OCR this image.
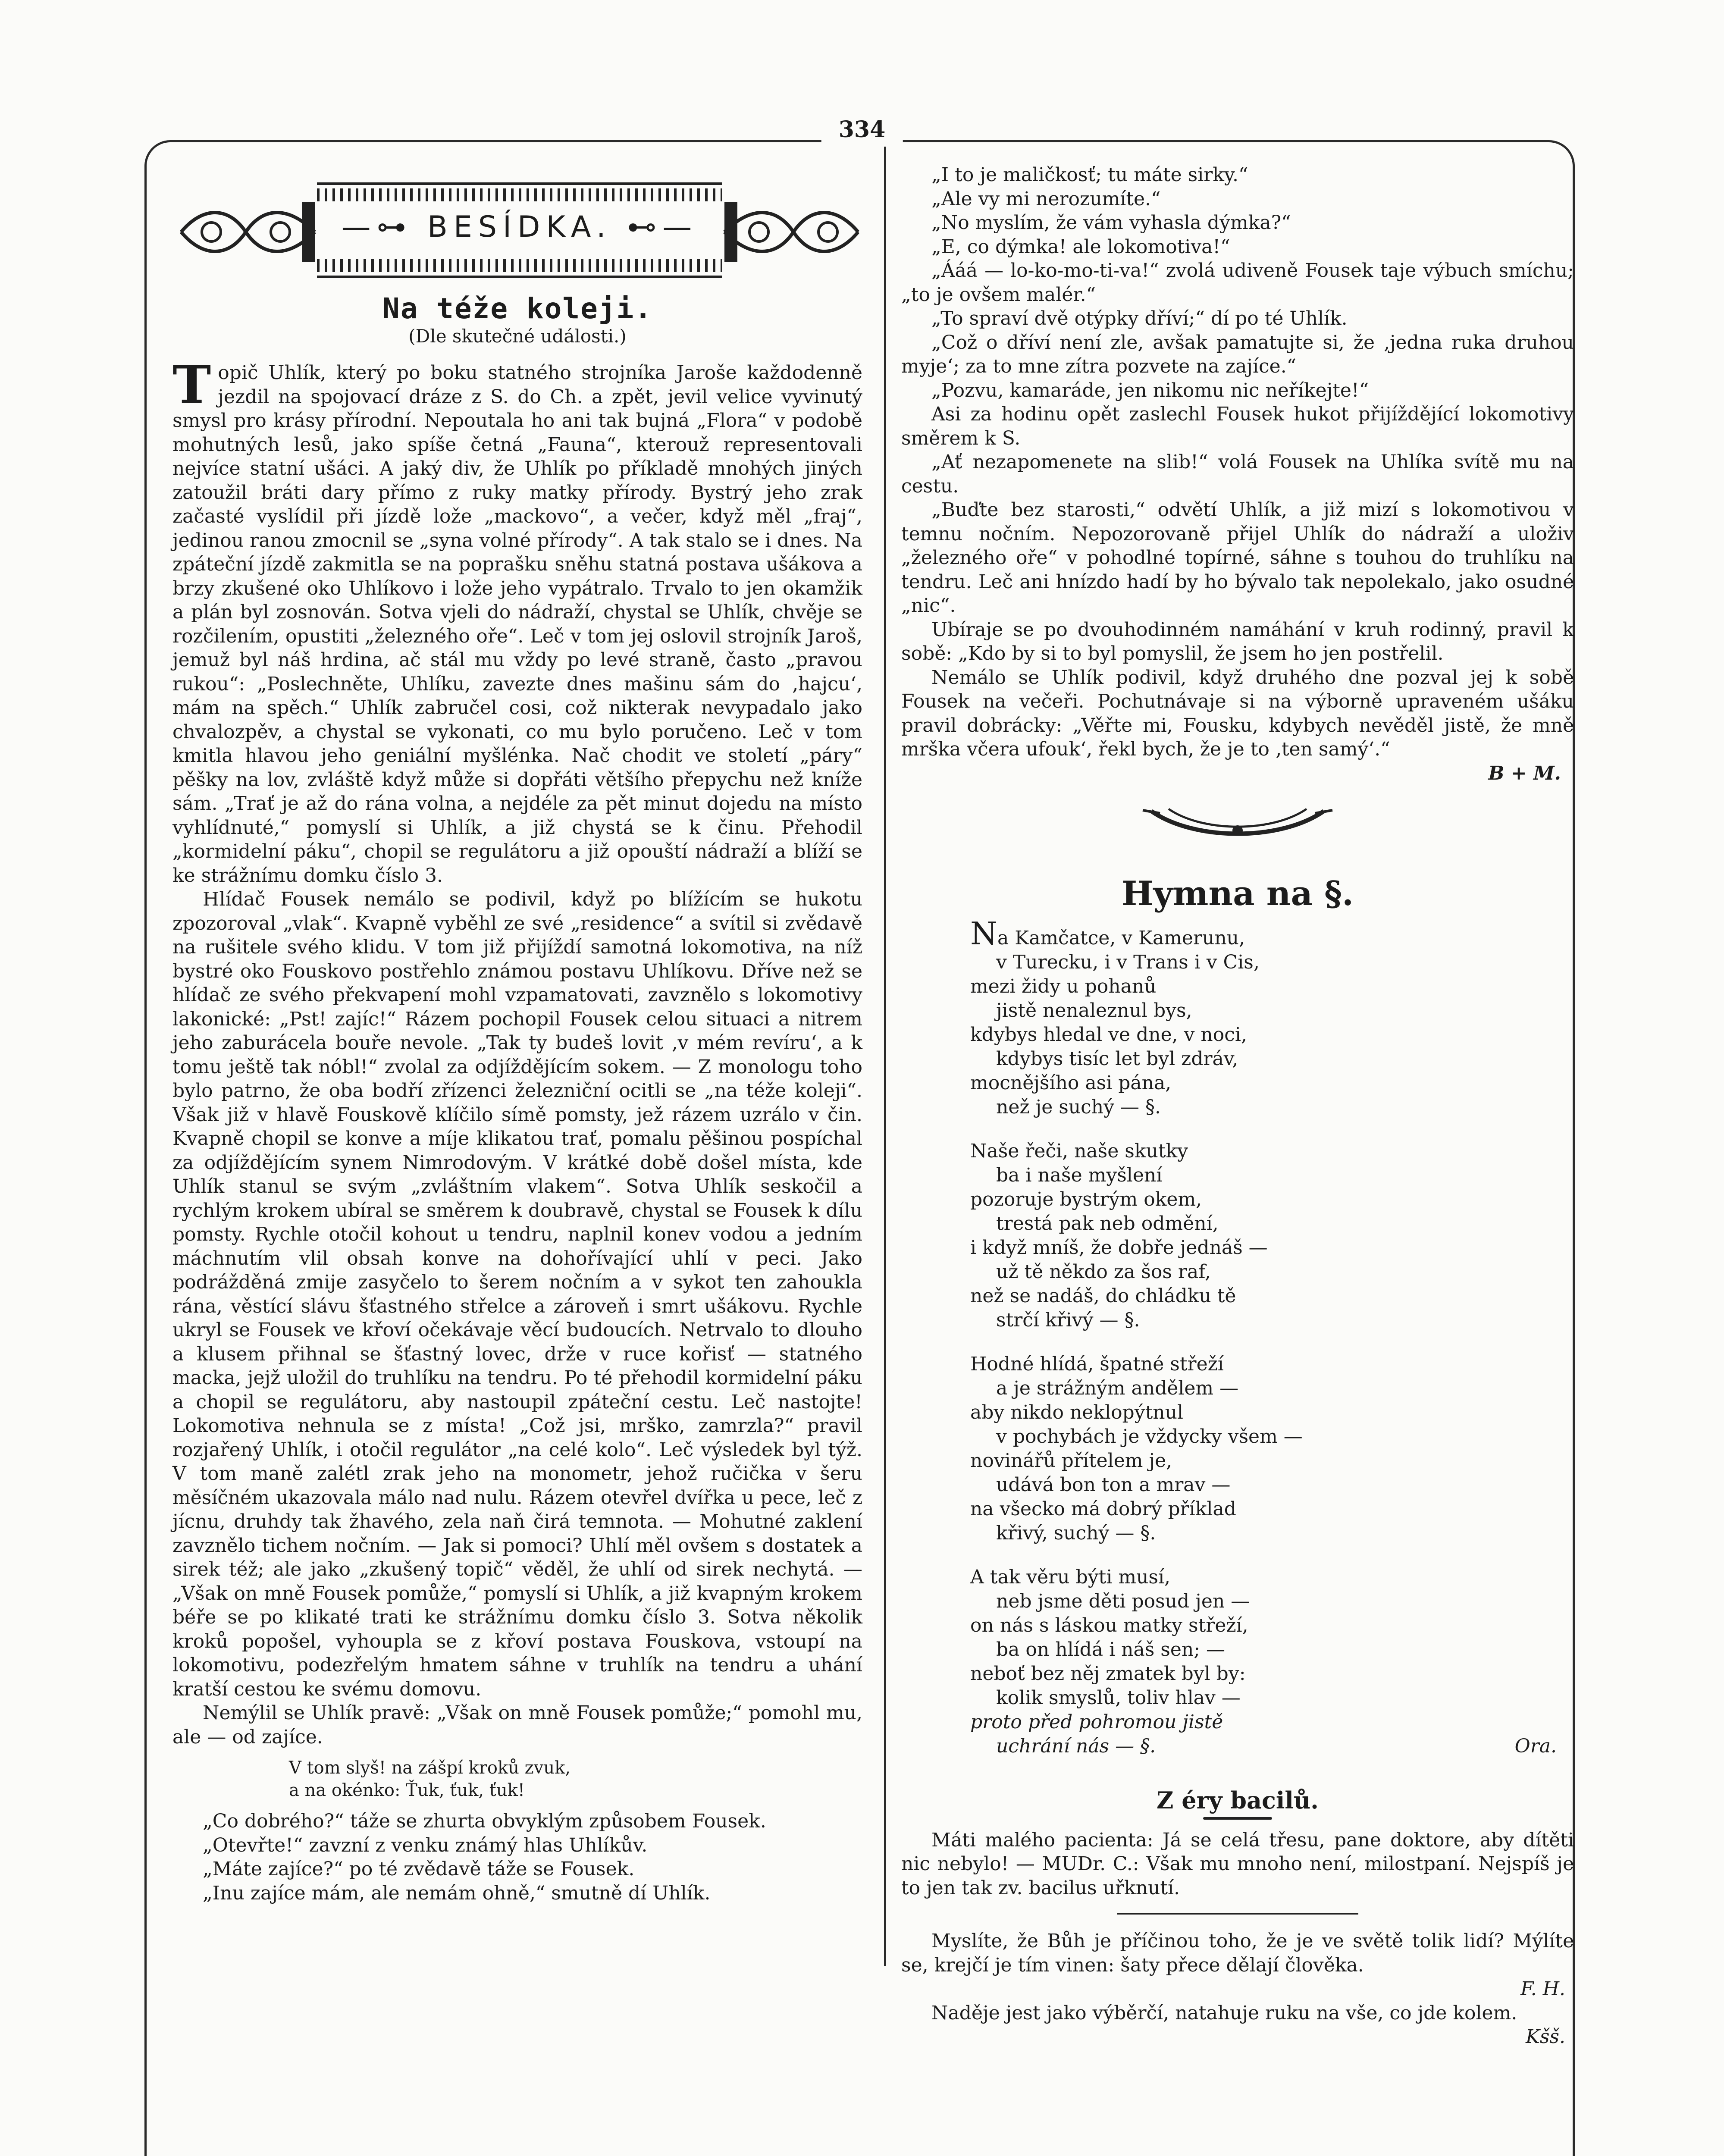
334
—⊶ BESÍDKA. ⊷—
Na téže koleji.
(Dle skutečné události.)

Topič Uhlík, který po boku statného strojníka Jaroše každodenně jezdil na spojovací dráze z S. do Ch. a zpět, jevil velice vyvinutý smysl pro krásy přírodní. Nepoutala ho ani tak bujná „Flora“ v podobě mohutných lesů, jako spíše četná „Fauna“, kterouž representovali nejvíce statní ušáci. A jaký div, že Uhlík po příkladě mnohých jiných zatoužil bráti dary přímo z ruky matky přírody. Bystrý jeho zrak začasté vyslídil při jízdě lože „mackovo“, a večer, když měl „fraj“, jedinou ranou zmocnil se „syna volné přírody“. A tak stalo se i dnes. Na zpáteční jízdě zakmitla se na poprašku sněhu statná postava ušákova a brzy zkušené oko Uhlíkovo i lože jeho vypátralo. Trvalo to jen okamžik a plán byl zosnován. Sotva vjeli do nádraží, chystal se Uhlík, chvěje se rozčilením, opustiti „železného oře“. Leč v tom jej oslovil strojník Jaroš, jemuž byl náš hrdina, ač stál mu vždy po levé straně, často „pravou rukou“: „Poslechněte, Uhlíku, zavezte dnes mašinu sám do ‚hajcu‘, mám na spěch.“ Uhlík zabručel cosi, což nikterak nevypadalo jako chvalozpěv, a chystal se vykonati, co mu bylo poručeno. Leč v tom kmitla hlavou jeho geniální myšlénka. Nač chodit ve století „páry“ pěšky na lov, zvláště když může si dopřáti většího přepychu než kníže sám. „Trať je až do rána volna, a nejdéle za pět minut dojedu na místo vyhlídnuté,“ pomyslí si Uhlík, a již chystá se k činu. Přehodil „kormidelní páku“, chopil se regulátoru a již opouští nádraží a blíží se ke strážnímu domku číslo 3.

Hlídač Fousek nemálo se podivil, když po blížícím se hukotu zpozoroval „vlak“. Kvapně vyběhl ze své „residence“ a svítil si zvědavě na rušitele svého klidu. V tom již přijíždí samotná lokomotiva, na níž bystré oko Fouskovo postřehlo známou postavu Uhlíkovu. Dříve než se hlídač ze svého překvapení mohl vzpamatovati, zavznělo s lokomotivy lakonické: „Pst! zajíc!“ Rázem pochopil Fousek celou situaci a nitrem jeho zaburácela bouře nevole. „Tak ty budeš lovit ‚v mém revíru‘, a k tomu ještě tak nóbl!“ zvolal za odjíždějícím sokem. — Z monologu toho bylo patrno, že oba bodří zřízenci železniční ocitli se „na téže koleji“. Však již v hlavě Fouskově klíčilo símě pomsty, jež rázem uzrálo v čin. Kvapně chopil se konve a míje klikatou trať, pomalu pěšinou pospíchal za odjíždějícím synem Nimrodovým. V krátké době došel místa, kde Uhlík stanul se svým „zvláštním vlakem“. Sotva Uhlík seskočil a rychlým krokem ubíral se směrem k doubravě, chystal se Fousek k dílu pomsty. Rychle otočil kohout u tendru, naplnil konev vodou a jedním máchnutím vlil obsah konve na dohořívající uhlí v peci. Jako podrážděná zmije zasyčelo to šerem nočním a v sykot ten zahoukla rána, věstící slávu šťastného střelce a zároveň i smrt ušákovu. Rychle ukryl se Fousek ve křoví očekávaje věcí budoucích. Netrvalo to dlouho a klusem přihnal se šťastný lovec, drže v ruce kořisť — statného macka, jejž uložil do truhlíku na tendru. Po té přehodil kormidelní páku a chopil se regulátoru, aby nastoupil zpáteční cestu. Leč nastojte! Lokomotiva nehnula se z místa! „Což jsi, mrško, zamrzla?“ pravil rozjařený Uhlík, i otočil regulátor „na celé kolo“. Leč výsledek byl týž. V tom maně zalétl zrak jeho na monometr, jehož ručička v šeru měsíčném ukazovala málo nad nulu. Rázem otevřel dvířka u pece, leč z jícnu, druhdy tak žhavého, zela naň čirá temnota. — Mohutné zaklení zavznělo tichem nočním. — Jak si pomoci? Uhlí měl ovšem s dostatek a sirek též; ale jako „zkušený topič“ věděl, že uhlí od sirek nechytá. — „Však on mně Fousek pomůže,“ pomyslí si Uhlík, a již kvapným krokem béře se po klikaté trati ke strážnímu domku číslo 3. Sotva několik kroků popošel, vyhoupla se z křoví postava Fouskova, vstoupí na lokomotivu, podezřelým hmatem sáhne v truhlík na tendru a uhání kratší cestou ke svému domovu.

Nemýlil se Uhlík pravě: „Však on mně Fousek pomůže;“ pomohl mu, ale — od zajíce.

V tom slyš! na zášpí kroků zvuk,
a na okénko: Ťuk, ťuk, ťuk!

„Co dobrého?“ táže se zhurta obvyklým způsobem Fousek.

„Otevřte!“ zavzní z venku známý hlas Uhlíkův.

„Máte zajíce?“ po té zvědavě táže se Fousek.

„Inu zajíce mám, ale nemám ohně,“ smutně dí Uhlík.

„I to je maličkosť; tu máte sirky.“

„Ale vy mi nerozumíte.“

„No myslím, že vám vyhasla dýmka?“

„E, co dýmka! ale lokomotiva!“

„Ááá — lo-ko-mo-ti-va!“ zvolá udiveně Fousek taje výbuch smíchu; „to je ovšem malér.“

„To spraví dvě otýpky dříví;“ dí po té Uhlík.

„Což o dříví není zle, avšak pamatujte si, že ‚jedna ruka druhou myje‘; za to mne zítra pozvete na zajíce.“

„Pozvu, kamaráde, jen nikomu nic neříkejte!“

Asi za hodinu opět zaslechl Fousek hukot přijíždějící lokomotivy směrem k S.

„Ať nezapomenete na slib!“ volá Fousek na Uhlíka svítě mu na cestu.

„Buďte bez starosti,“ odvětí Uhlík, a již mizí s lokomotivou v temnu nočním. Nepozorovaně přijel Uhlík do nádraží a uloživ „železného oře“ v pohodlné topírné, sáhne s touhou do truhlíku na tendru. Leč ani hnízdo hadí by ho bývalo tak nepolekalo, jako osudné „nic“.

Ubíraje se po dvouhodinném namáhání v kruh rodinný, pravil k sobě: „Kdo by si to byl pomyslil, že jsem ho jen postřelil.

Nemálo se Uhlík podivil, když druhého dne pozval jej k sobě Fousek na večeři. Pochutnávaje si na výborně upraveném ušáku pravil dobrácky: „Věřte mi, Fousku, kdybych nevěděl jistě, že mně mrška včera ufouk‘, řekl bych, že je to ‚ten samý‘.“

B + M.
Hymna na §.
Na Kamčatce, v Kamerunu,
v Turecku, i v Trans i v Cis,
mezi židy u pohanů
jistě nenaleznul bys,
kdybys hledal ve dne, v noci,
kdybys tisíc let byl zdráv,
mocnějšího asi pána,
než je suchý — §.
Naše řeči, naše skutky
ba i naše myšlení
pozoruje bystrým okem,
trestá pak neb odmění,
i když mníš, že dobře jednáš —
už tě někdo za šos raf,
než se nadáš, do chládku tě
strčí křivý — §.
Hodné hlídá, špatné střeží
a je strážným andělem —
aby nikdo neklopýtnul
v pochybách je vždycky všem —
novinářů přítelem je,
udává bon ton a mrav —
na všecko má dobrý příklad
křivý, suchý — §.
A tak věru býti musí,
neb jsme děti posud jen —
on nás s láskou matky střeží,
ba on hlídá i náš sen; —
neboť bez něj zmatek byl by:
kolik smyslů, toliv hlav —
proto před pohromou jistě
uchrání nás — §.	Ora.
Z éry bacilů.

Máti malého pacienta: Já se celá třesu, pane doktore, aby dítěti nic nebylo! — MUDr. C.: Však mu mnoho není, milostpaní. Nejspíš je to jen tak zv. bacilus uřknutí.

Myslíte, že Bůh je příčinou toho, že je ve světě tolik lidí? Mýlíte se, krejčí je tím vinen: šaty přece dělají člověka.

F. H.

Naděje jest jako výběrčí, natahuje ruku na vše, co jde kolem.

Kšš.
